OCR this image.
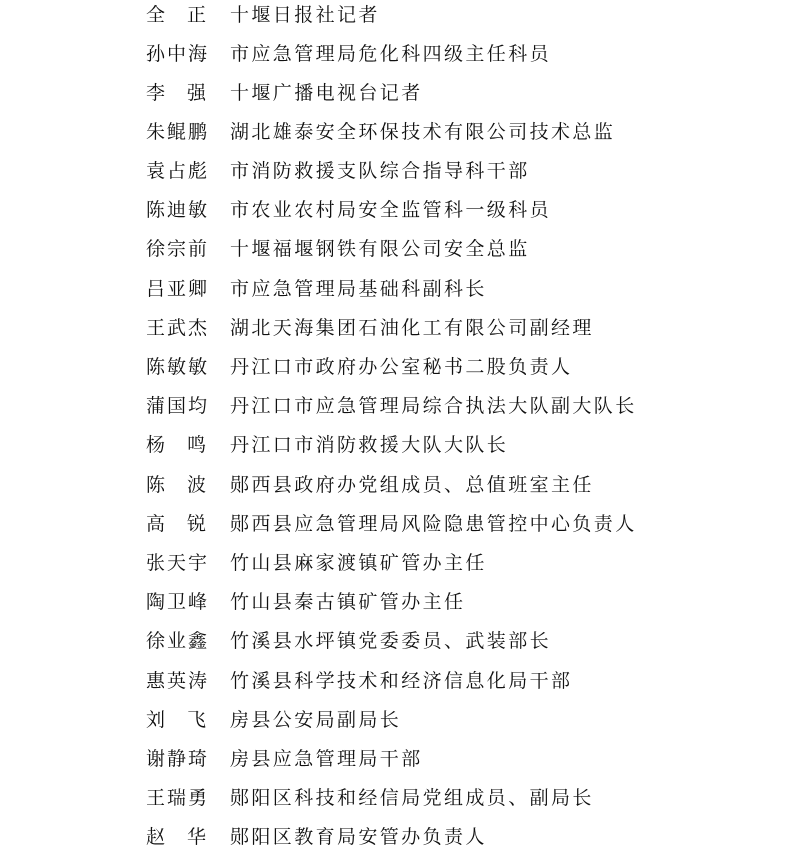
全 正 十堰日报社记者
孙中海 市应急管理局危化科四级主任科员
李 强 十堰广播电视台记者
朱鲲鹏 湖北雄泰安全环保技术有限公司技术总监
袁占彪 市消防救援支队综合指导科干部
陈迪敏 市农业农村局安全监管科一级科员
徐宗前 十堰福堰钢铁有限公司安全总监
吕亚卿 市应急管理局基础科副科长
王武杰 湖北天海集团石油化工有限公司副经理
陈敏敏 丹江口市政府办公室秘书二股负责人
蒲国均 丹江口市应急管理局综合执法大队副大队长
杨 鸣 丹江口市消防救援大队大队长
陈 波 郧西县政府办党组成员、总值班室主任
高 锐 郧西县应急管理局风险隐患管控中心负责人
张天宇 竹山县麻家渡镇矿管办主任
陶卫峰 竹山县秦古镇矿管办主任
徐业鑫 竹溪县水坪镇党委委员、武装部长
惠英涛 竹溪县科学技术和经济信息化局干部
刘 飞 房县公安局副局长
谢静琦 房县应急管理局干部
王瑞勇 郧阳区科技和经信局党组成员、副局长
赵 华 郧阳区教育局安管办负责人
